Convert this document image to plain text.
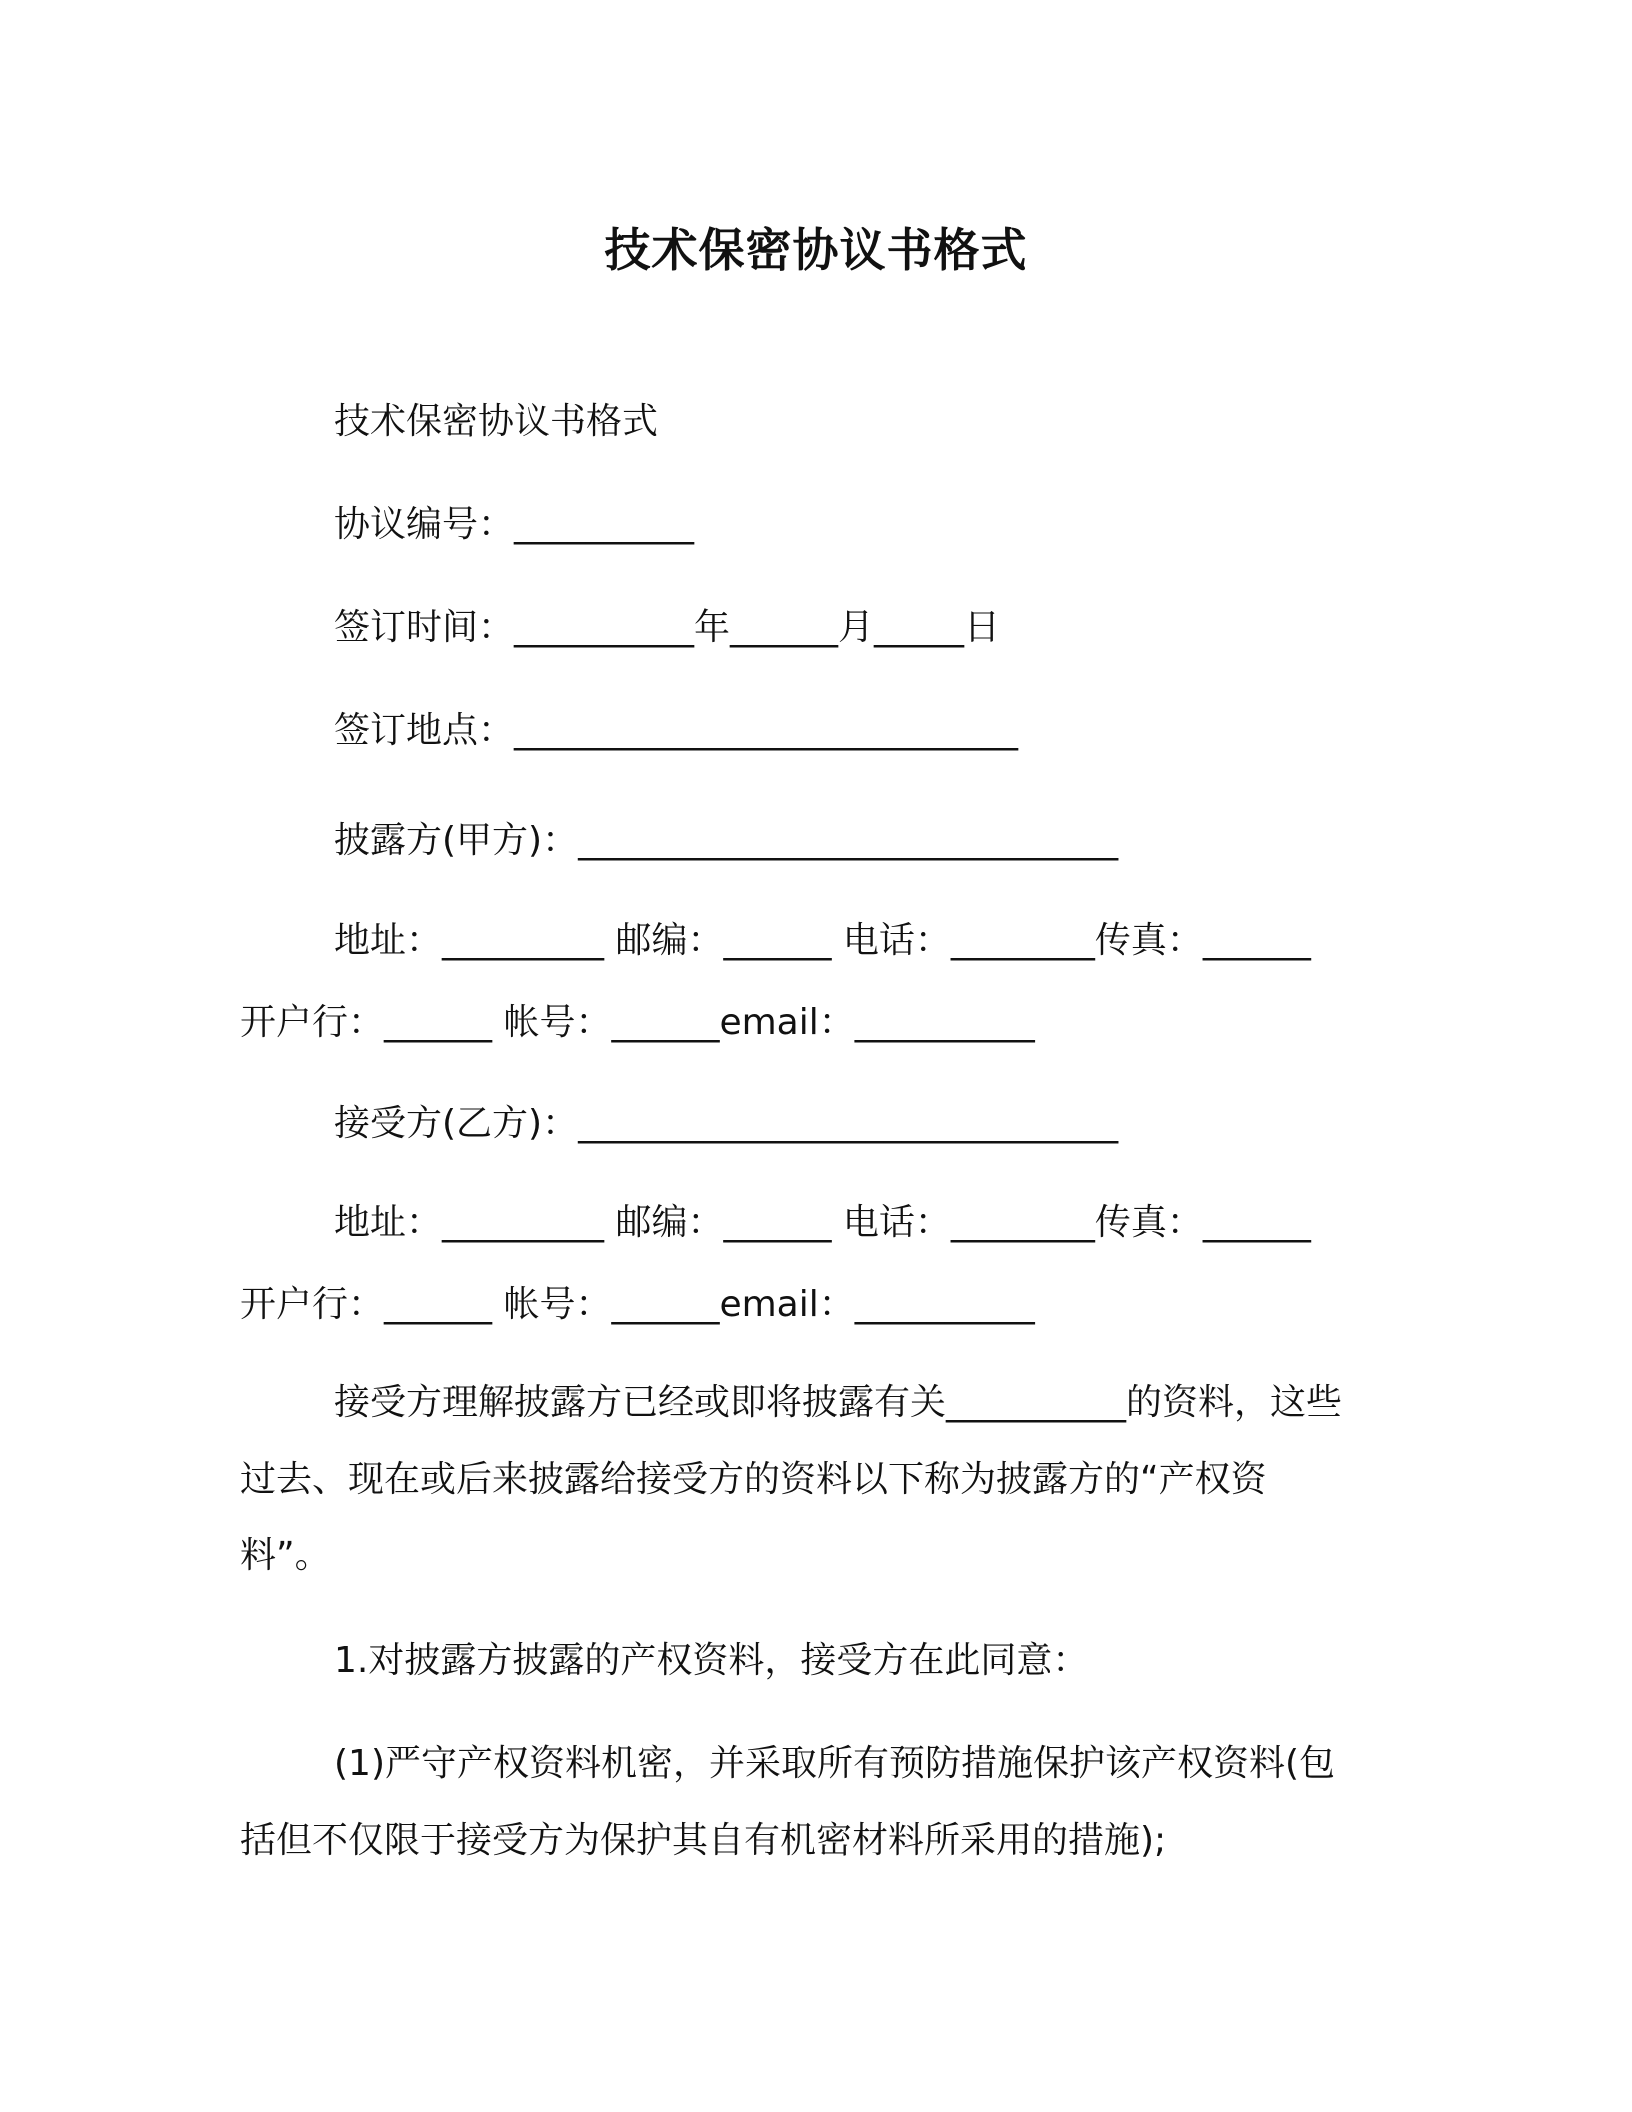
技术保密协议书格式
技术保密协议书格式
协议编号：__________
签订时间：__________年______月_____日
签订地点：____________________________
披露方(甲方)：______________________________
地址：_________ 邮编：______ 电话：________传真：______
开户行：______ 帐号：______email：__________
接受方(乙方)：______________________________
地址：_________ 邮编：______ 电话：________传真：______
开户行：______ 帐号：______email：__________
接受方理解披露方已经或即将披露有关__________的资料，这些
过去、现在或后来披露给接受方的资料以下称为披露方的“产权资
料”。
1.对披露方披露的产权资料，接受方在此同意：
(1)严守产权资料机密，并采取所有预防措施保护该产权资料(包
括但不仅限于接受方为保护其自有机密材料所采用的措施);
